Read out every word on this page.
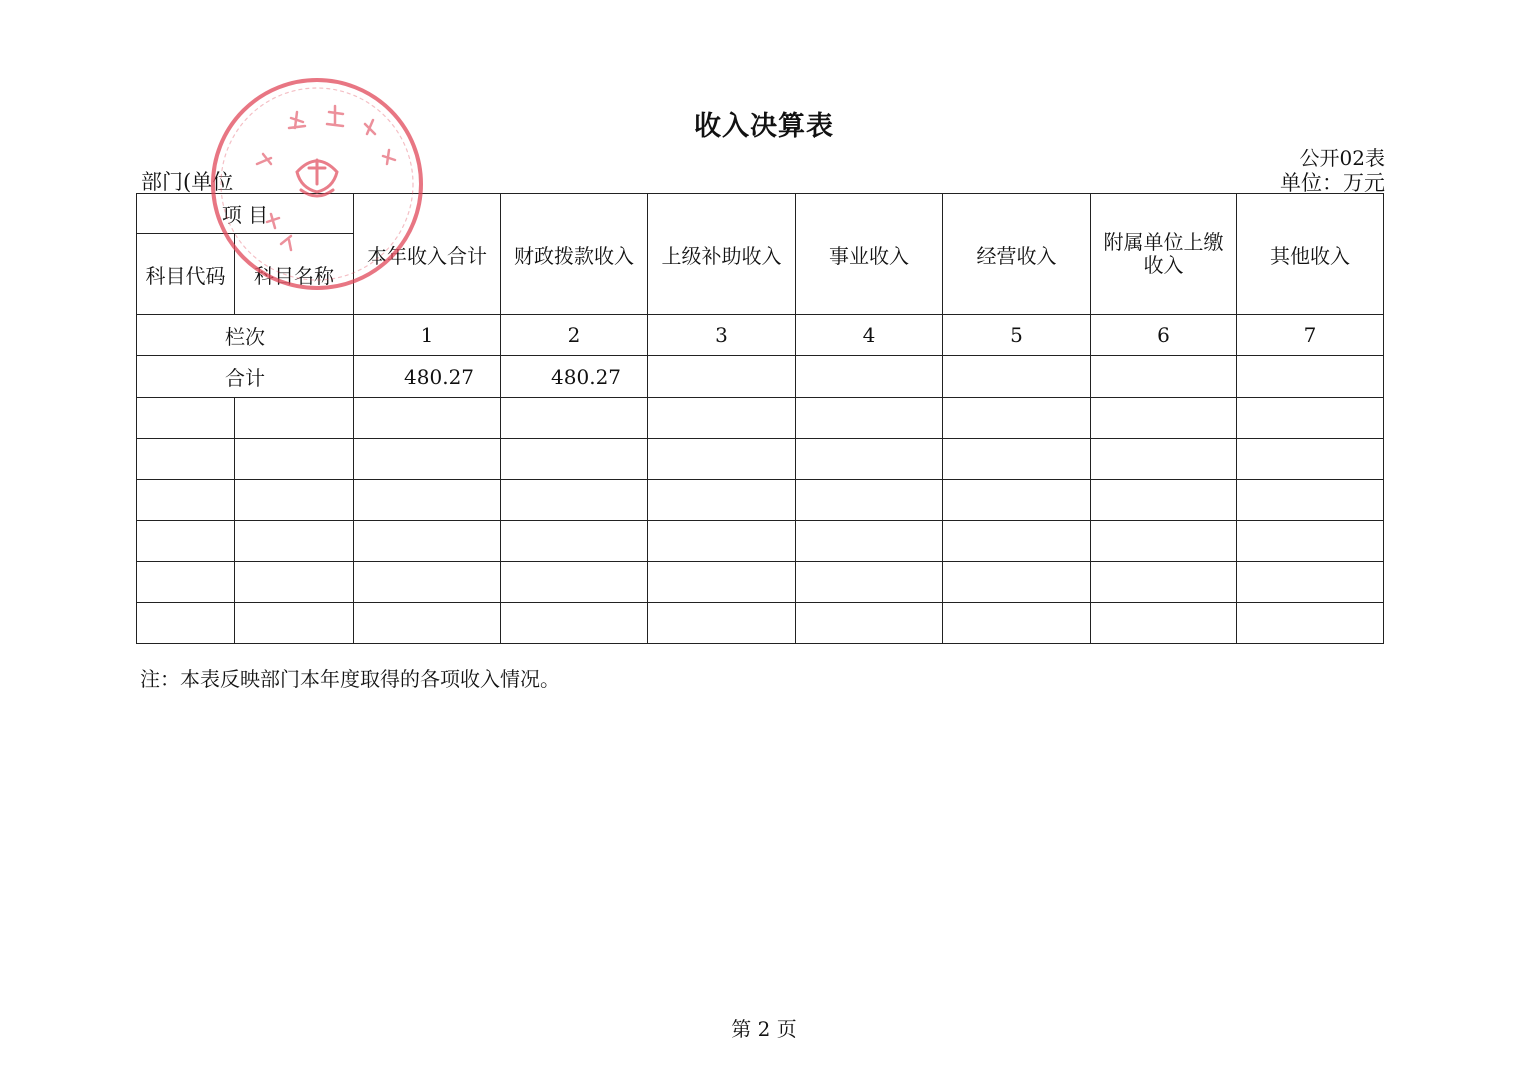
收入决算表
公开02表
部门(单位	单位：万元
项 目		本年收入合计	财政拨款收入	上级补助收入	事业收入	经营收入	附属单位上缴收入	其他收入
科目代码	科目名称							
栏次		1	2	3	4	5	6	7
合计		480.27	480.27					

注：本表反映部门本年度取得的各项收入情况。
第 2 页
